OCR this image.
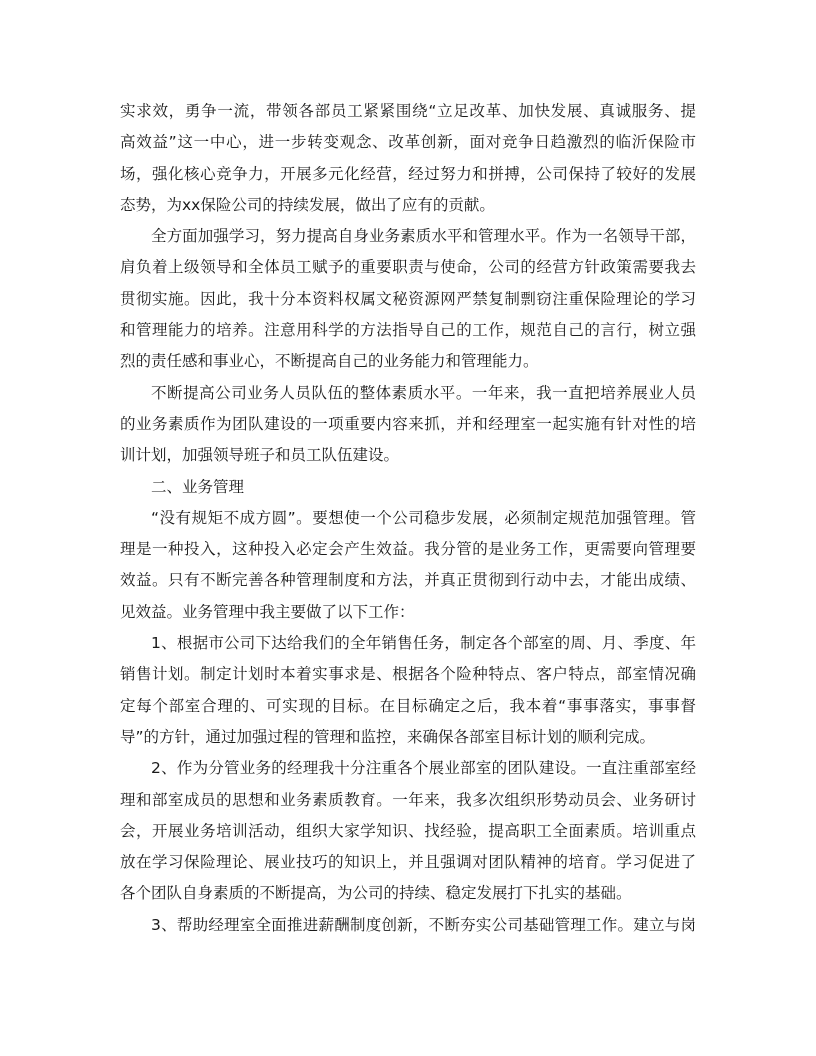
实求效，勇争一流，带领各部员工紧紧围绕“立足改革、加快发展、真诚服务、提
高效益”这一中心，进一步转变观念、改革创新，面对竞争日趋激烈的临沂保险市
场，强化核心竞争力，开展多元化经营，经过努力和拼搏，公司保持了较好的发展
态势，为xx保险公司的持续发展，做出了应有的贡献。
全方面加强学习，努力提高自身业务素质水平和管理水平。作为一名领导干部，
肩负着上级领导和全体员工赋予的重要职责与使命，公司的经营方针政策需要我去
贯彻实施。因此，我十分本资料权属文秘资源网严禁复制剽窃注重保险理论的学习
和管理能力的培养。注意用科学的方法指导自己的工作，规范自己的言行，树立强
烈的责任感和事业心，不断提高自己的业务能力和管理能力。
不断提高公司业务人员队伍的整体素质水平。一年来，我一直把培养展业人员
的业务素质作为团队建设的一项重要内容来抓，并和经理室一起实施有针对性的培
训计划，加强领导班子和员工队伍建设。
二、业务管理
“没有规矩不成方圆”。要想使一个公司稳步发展，必须制定规范加强管理。管
理是一种投入，这种投入必定会产生效益。我分管的是业务工作，更需要向管理要
效益。只有不断完善各种管理制度和方法，并真正贯彻到行动中去，才能出成绩、
见效益。业务管理中我主要做了以下工作：
1、根据市公司下达给我们的全年销售任务，制定各个部室的周、月、季度、年
销售计划。制定计划时本着实事求是、根据各个险种特点、客户特点，部室情况确
定每个部室合理的、可实现的目标。在目标确定之后，我本着“事事落实，事事督
导”的方针，通过加强过程的管理和监控，来确保各部室目标计划的顺利完成。
2、作为分管业务的经理我十分注重各个展业部室的团队建设。一直注重部室经
理和部室成员的思想和业务素质教育。一年来，我多次组织形势动员会、业务研讨
会，开展业务培训活动，组织大家学知识、找经验，提高职工全面素质。培训重点
放在学习保险理论、展业技巧的知识上，并且强调对团队精神的培育。学习促进了
各个团队自身素质的不断提高，为公司的持续、稳定发展打下扎实的基础。
3、帮助经理室全面推进薪酬制度创新，不断夯实公司基础管理工作。建立与岗
